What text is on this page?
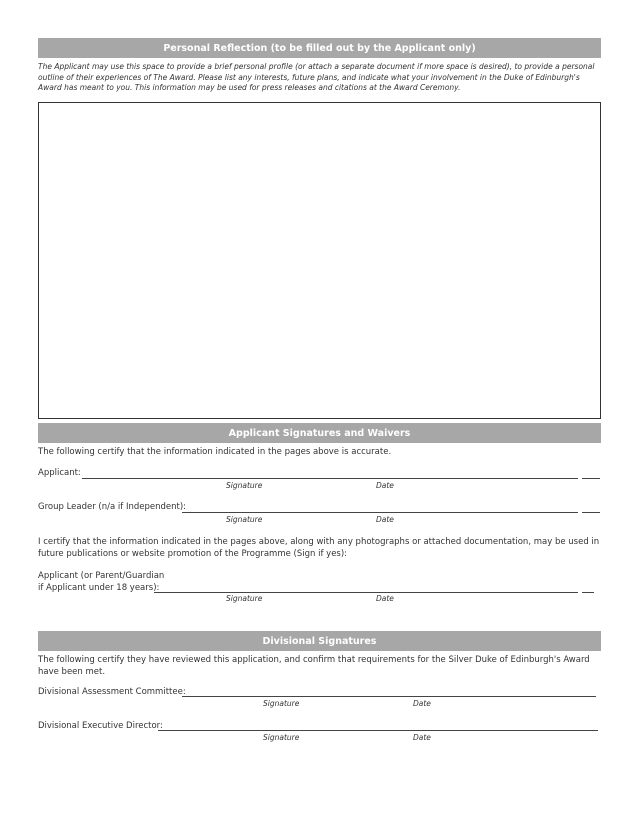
Personal Reflection (to be filled out by the Applicant only)

The Applicant may use this space to provide a brief personal profile (or attach a separate document if more space is desired), to provide a personal outline of their experiences of The Award. Please list any interests, future plans, and indicate what your involvement in the Duke of Edinburgh's Award has meant to you. This information may be used for press releases and citations at the Award Ceremony.

Applicant Signatures and Waivers

The following certify that the information indicated in the pages above is accurate.

Applicant:
Signature	Date
Group Leader (n/a if Independent):
Signature	Date

I certify that the information indicated in the pages above, along with any photographs or attached documentation, may be used in future publications or website promotion of the Programme (Sign if yes):

Applicant (or Parent/Guardian
if Applicant under 18 years):
Signature	Date
Divisional Signatures

The following certify they have reviewed this application, and confirm that requirements for the Silver Duke of Edinburgh's Award have been met.

Divisional Assessment Committee:
Signature	Date
Divisional Executive Director:
Signature	Date
